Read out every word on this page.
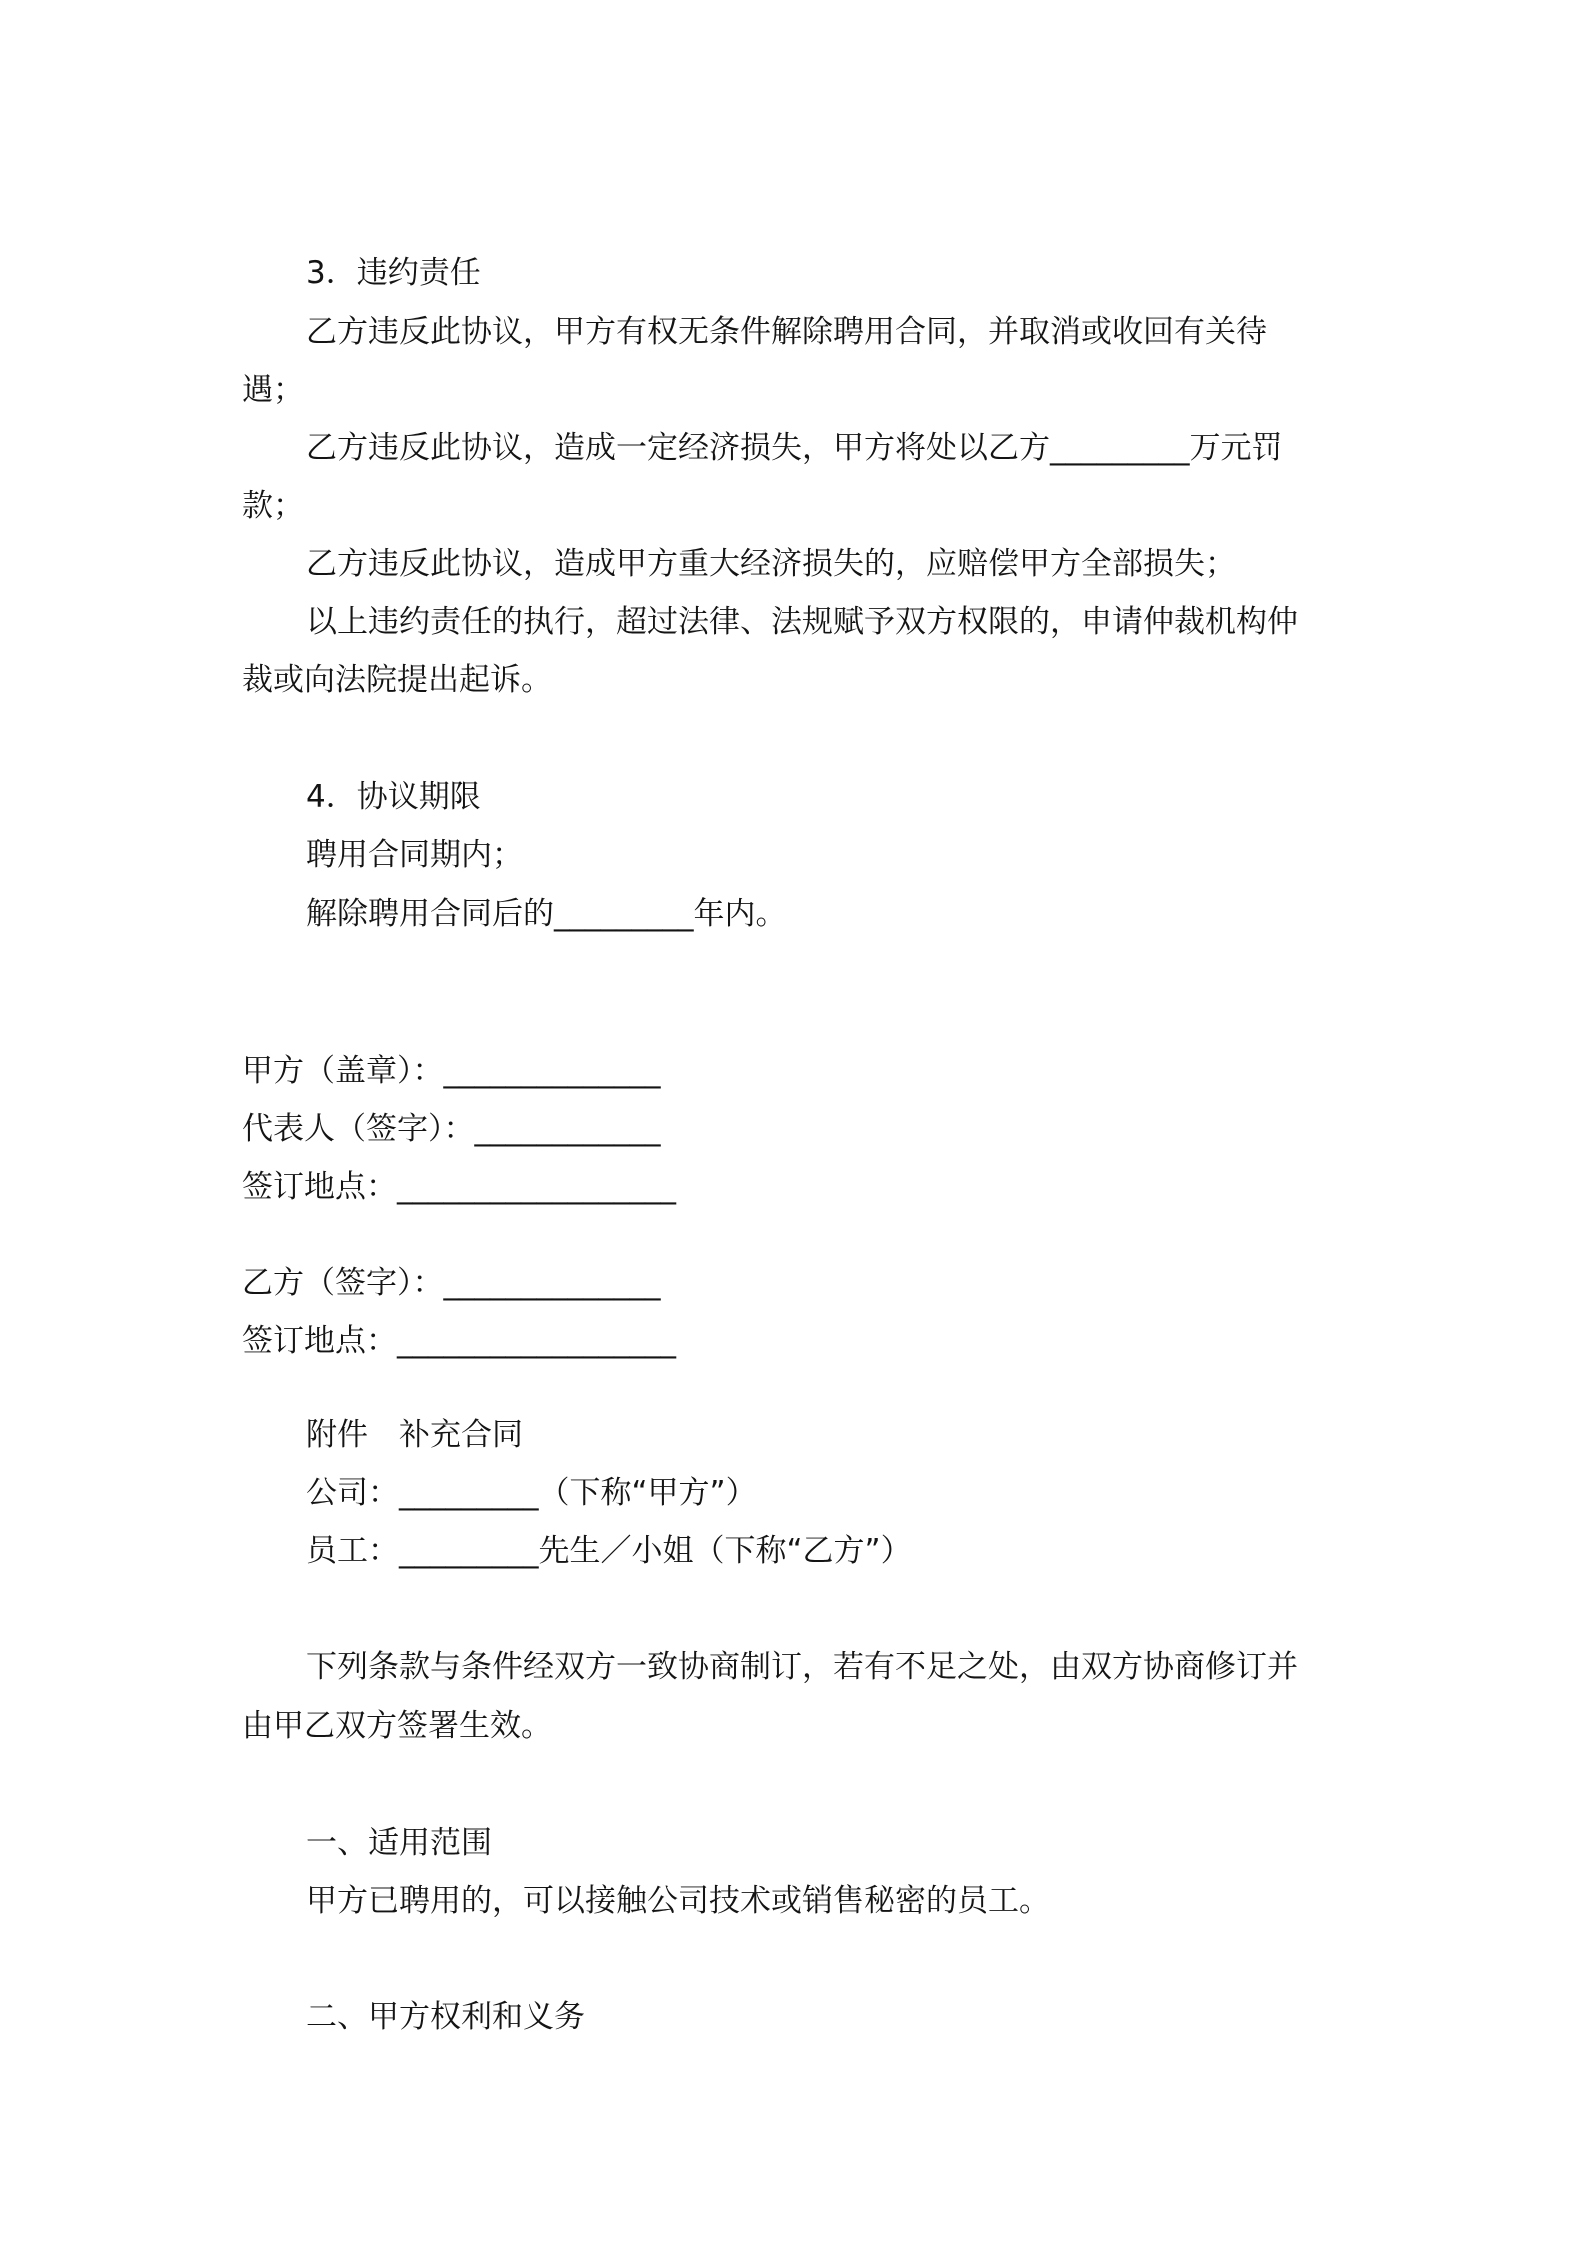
3．违约责任
乙方违反此协议，甲方有权无条件解除聘用合同，并取消或收回有关待
遇；
乙方违反此协议，造成一定经济损失，甲方将处以乙方_________万元罚
款；
乙方违反此协议，造成甲方重大经济损失的，应赔偿甲方全部损失；
以上违约责任的执行，超过法律、法规赋予双方权限的，申请仲裁机构仲
裁或向法院提出起诉。
4．协议期限
聘用合同期内；
解除聘用合同后的_________年内。
甲方（盖章）：______________
代表人（签字）：____________
签订地点：__________________
乙方（签字）：______________
签订地点：__________________
附件　补充合同
公司：_________（下称“甲方”）
员工：_________先生／小姐（下称“乙方”）
下列条款与条件经双方一致协商制订，若有不足之处，由双方协商修订并
由甲乙双方签署生效。
一、适用范围
甲方已聘用的，可以接触公司技术或销售秘密的员工。
二、甲方权利和义务
